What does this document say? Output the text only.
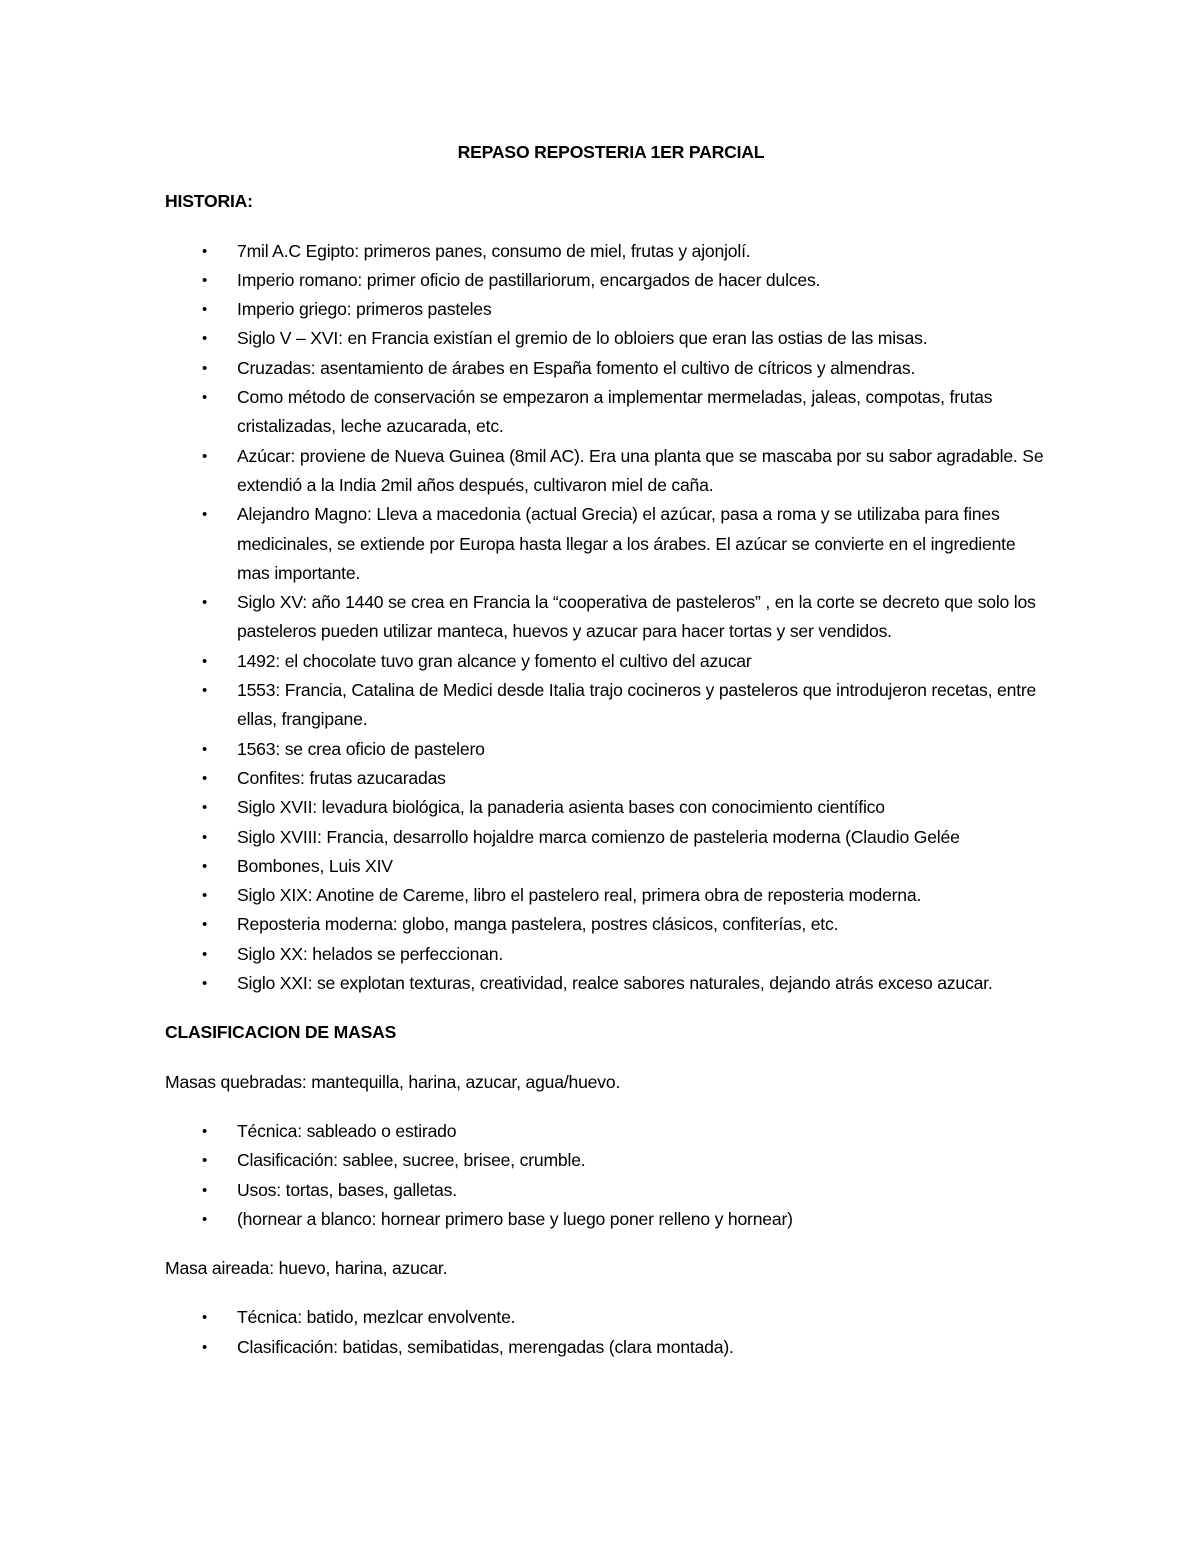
REPASO REPOSTERIA 1ER PARCIAL
HISTORIA:
• 7mil A.C Egipto: primeros panes, consumo de miel, frutas y ajonjolí.
• Imperio romano: primer oficio de pastillariorum, encargados de hacer dulces.
• Imperio griego: primeros pasteles
• Siglo V – XVI: en Francia existían el gremio de lo obloiers que eran las ostias de las misas.
• Cruzadas: asentamiento de árabes en España fomento el cultivo de cítricos y almendras.
• Como método de conservación se empezaron a implementar mermeladas, jaleas, compotas, frutas cristalizadas, leche azucarada, etc.
• Azúcar: proviene de Nueva Guinea (8mil AC). Era una planta que se mascaba por su sabor agradable. Se extendió a la India 2mil años después, cultivaron miel de caña.
• Alejandro Magno: Lleva a macedonia (actual Grecia) el azúcar, pasa a roma y se utilizaba para fines medicinales, se extiende por Europa hasta llegar a los árabes. El azúcar se convierte en el ingrediente mas importante.
• Siglo XV: año 1440 se crea en Francia la “cooperativa de pasteleros” , en la corte se decreto que solo los pasteleros pueden utilizar manteca, huevos y azucar para hacer tortas y ser vendidos.
• 1492: el chocolate tuvo gran alcance y fomento el cultivo del azucar
• 1553: Francia, Catalina de Medici desde Italia trajo cocineros y pasteleros que introdujeron recetas, entre ellas, frangipane.
• 1563: se crea oficio de pastelero
• Confites: frutas azucaradas
• Siglo XVII: levadura biológica, la panaderia asienta bases con conocimiento científico
• Siglo XVIII: Francia, desarrollo hojaldre marca comienzo de pasteleria moderna (Claudio Gelée
• Bombones, Luis XIV
• Siglo XIX: Anotine de Careme, libro el pastelero real, primera obra de reposteria moderna.
• Reposteria moderna: globo, manga pastelera, postres clásicos, confiterías, etc.
• Siglo XX: helados se perfeccionan.
• Siglo XXI: se explotan texturas, creatividad, realce sabores naturales, dejando atrás exceso azucar.
CLASIFICACION DE MASAS
Masas quebradas: mantequilla, harina, azucar, agua/huevo.
• Técnica: sableado o estirado
• Clasificación: sablee, sucree, brisee, crumble.
• Usos: tortas, bases, galletas.
• (hornear a blanco: hornear primero base y luego poner relleno y hornear)
Masa aireada: huevo, harina, azucar.
• Técnica: batido, mezlcar envolvente.
• Clasificación: batidas, semibatidas, merengadas (clara montada).
